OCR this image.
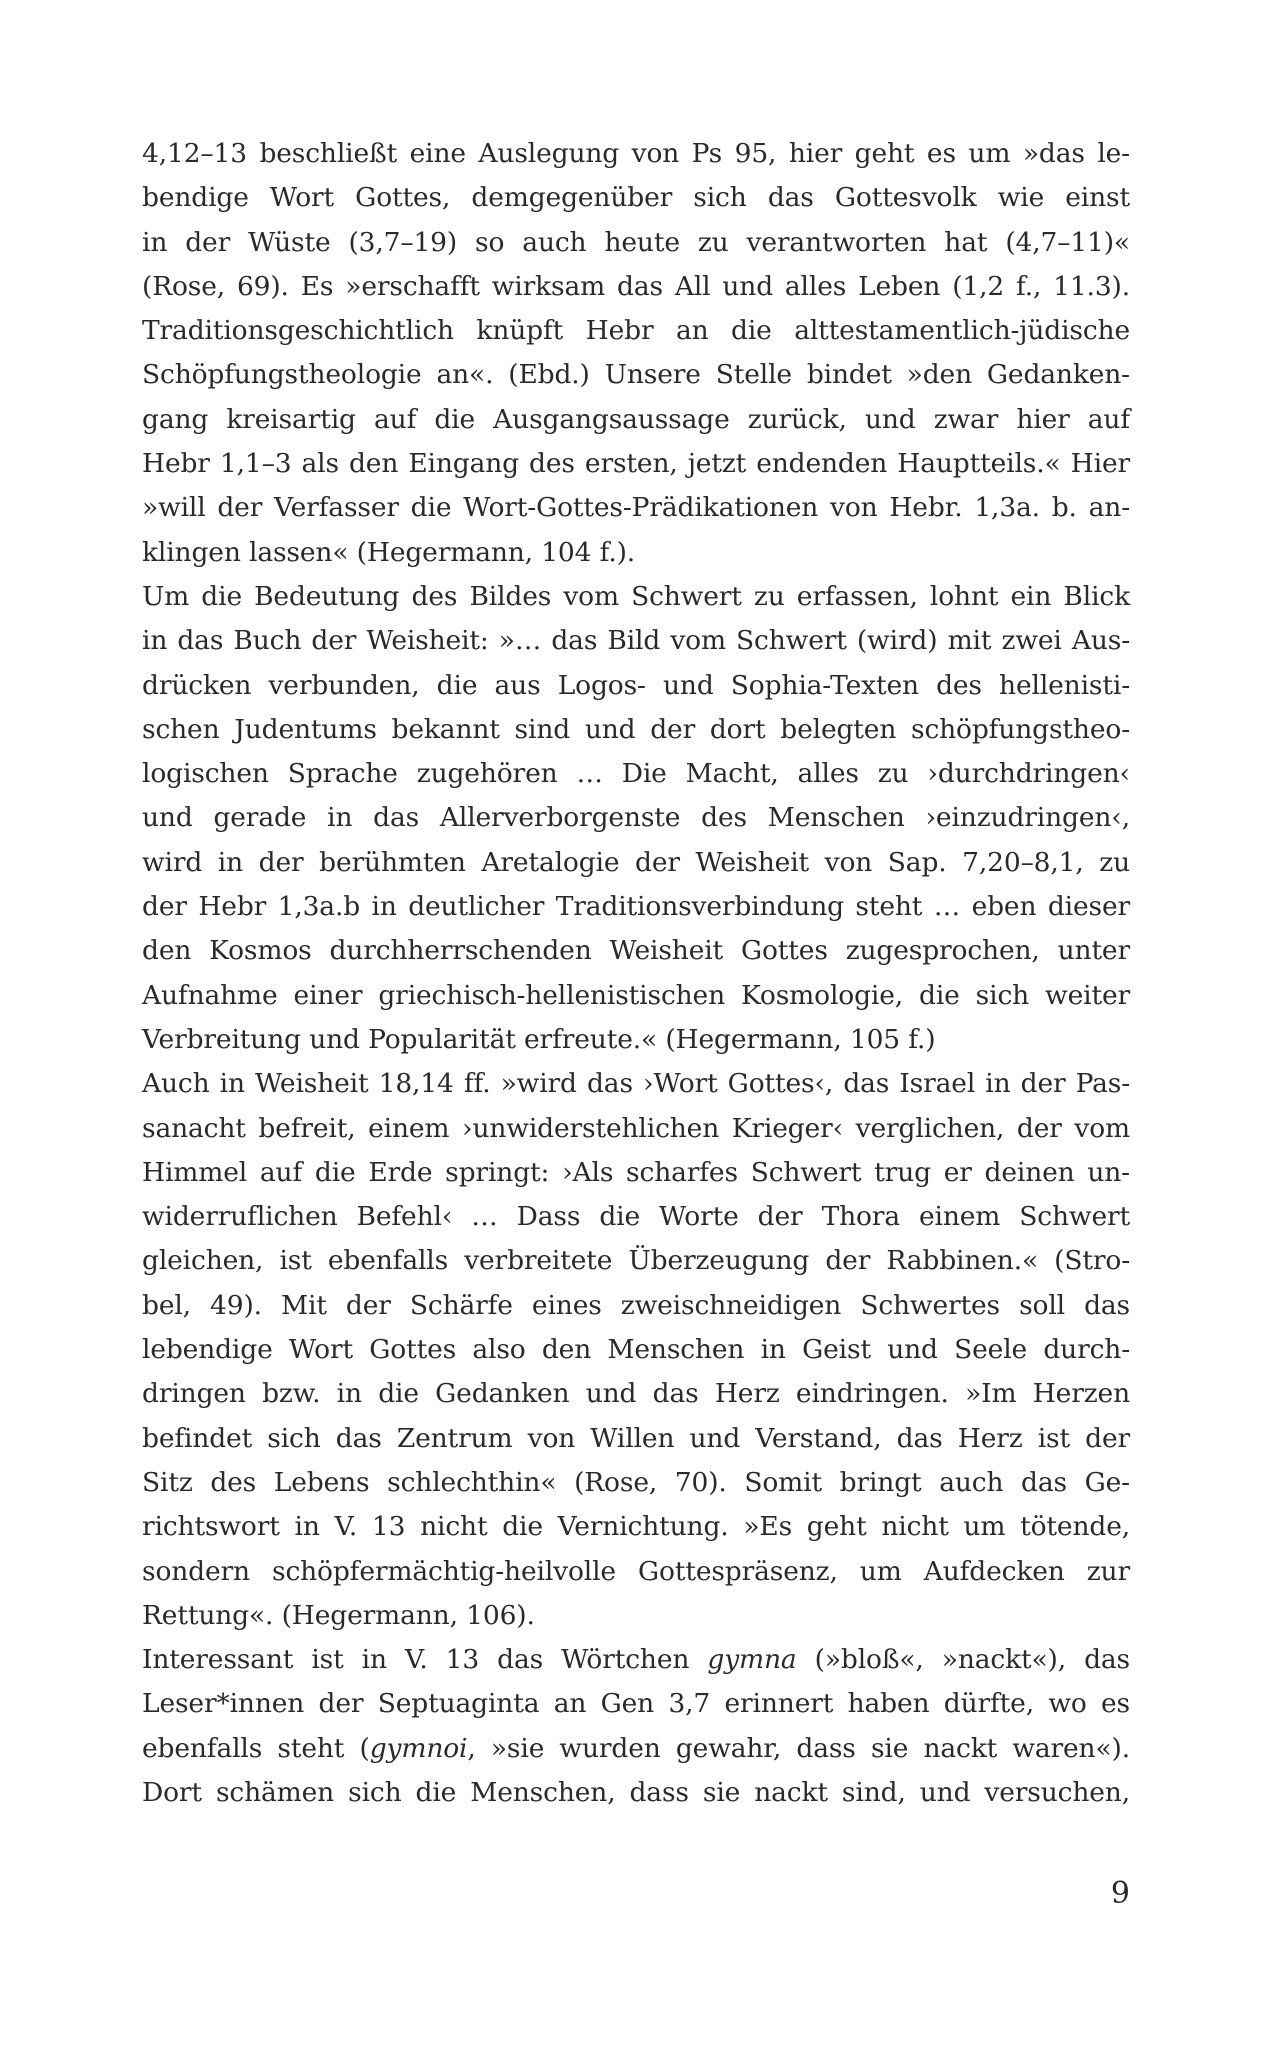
4,12–13 beschließt eine Auslegung von Ps 95, hier geht es um »das le-
bendige Wort Gottes, demgegenüber sich das Gottesvolk wie einst
in der Wüste (3,7–19) so auch heute zu verantworten hat (4,7–11)«
(Rose, 69). Es »erschafft wirksam das All und alles Leben (1,2 f., 11.3).
Traditionsgeschichtlich knüpft Hebr an die alttestamentlich-jüdische
Schöpfungstheologie an«. (Ebd.) Unsere Stelle bindet »den Gedanken-
gang kreisartig auf die Ausgangsaussage zurück, und zwar hier auf
Hebr 1,1–3 als den Eingang des ersten, jetzt endenden Hauptteils.« Hier
»will der Verfasser die Wort-Gottes-Prädikationen von Hebr. 1,3a. b. an-
klingen lassen« (Hegermann, 104 f.).
Um die Bedeutung des Bildes vom Schwert zu erfassen, lohnt ein Blick
in das Buch der Weisheit: »… das Bild vom Schwert (wird) mit zwei Aus-
drücken verbunden, die aus Logos- und Sophia-Texten des hellenisti-
schen Judentums bekannt sind und der dort belegten schöpfungstheo-
logischen Sprache zugehören … Die Macht, alles zu ›durchdringen‹
und gerade in das Allerverborgenste des Menschen ›einzudringen‹,
wird in der berühmten Aretalogie der Weisheit von Sap. 7,20–8,1, zu
der Hebr 1,3a.b in deutlicher Traditionsverbindung steht … eben dieser
den Kosmos durchherrschenden Weisheit Gottes zugesprochen, unter
Aufnahme einer griechisch-hellenistischen Kosmologie, die sich weiter
Verbreitung und Popularität erfreute.« (Hegermann, 105 f.)
Auch in Weisheit 18,14 ff. »wird das ›Wort Gottes‹, das Israel in der Pas-
sanacht befreit, einem ›unwiderstehlichen Krieger‹ verglichen, der vom
Himmel auf die Erde springt: ›Als scharfes Schwert trug er deinen un-
widerruflichen Befehl‹ … Dass die Worte der Thora einem Schwert
gleichen, ist ebenfalls verbreitete Überzeugung der Rabbinen.« (Stro-
bel, 49). Mit der Schärfe eines zweischneidigen Schwertes soll das
lebendige Wort Gottes also den Menschen in Geist und Seele durch-
dringen bzw. in die Gedanken und das Herz eindringen. »Im Herzen
befindet sich das Zentrum von Willen und Verstand, das Herz ist der
Sitz des Lebens schlechthin« (Rose, 70). Somit bringt auch das Ge-
richtswort in V. 13 nicht die Vernichtung. »Es geht nicht um tötende,
sondern schöpfermächtig-heilvolle Gottespräsenz, um Aufdecken zur
Rettung«. (Hegermann, 106).
Interessant ist in V. 13 das Wörtchen gymna (»bloß«, »nackt«), das
Leser*innen der Septuaginta an Gen 3,7 erinnert haben dürfte, wo es
ebenfalls steht (gymnoi, »sie wurden gewahr, dass sie nackt waren«).
Dort schämen sich die Menschen, dass sie nackt sind, und versuchen,
9
